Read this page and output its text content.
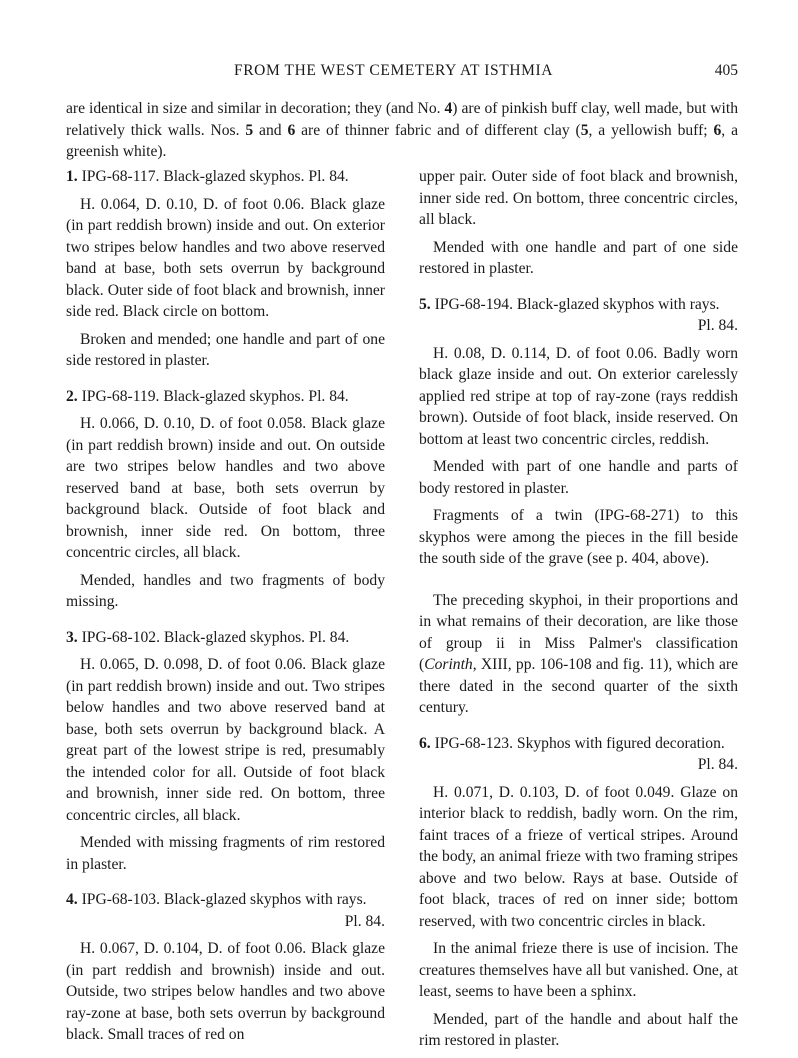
FROM THE WEST CEMETERY AT ISTHMIA	405
are identical in size and similar in decoration; they (and No. 4) are of pinkish buff clay, well made, but with relatively thick walls. Nos. 5 and 6 are of thinner fabric and of different clay (5, a yellowish buff; 6, a greenish white).
1. IPG-68-117. Black-glazed skyphos. Pl. 84.

H. 0.064, D. 0.10, D. of foot 0.06. Black glaze (in part reddish brown) inside and out. On exterior two stripes below handles and two above reserved band at base, both sets overrun by background black. Outer side of foot black and brownish, inner side red. Black circle on bottom.

Broken and mended; one handle and part of one side restored in plaster.

2. IPG-68-119. Black-glazed skyphos. Pl. 84.

H. 0.066, D. 0.10, D. of foot 0.058. Black glaze (in part reddish brown) inside and out. On outside are two stripes below handles and two above reserved band at base, both sets overrun by background black. Outside of foot black and brownish, inner side red. On bottom, three concentric circles, all black.

Mended, handles and two fragments of body missing.

3. IPG-68-102. Black-glazed skyphos. Pl. 84.

H. 0.065, D. 0.098, D. of foot 0.06. Black glaze (in part reddish brown) inside and out. Two stripes below handles and two above reserved band at base, both sets overrun by background black. A great part of the lowest stripe is red, presumably the intended color for all. Outside of foot black and brownish, inner side red. On bottom, three concentric circles, all black.

Mended with missing fragments of rim restored in plaster.

4. IPG-68-103. Black-glazed skyphos with rays.
Pl. 84.

H. 0.067, D. 0.104, D. of foot 0.06. Black glaze (in part reddish and brownish) inside and out. Outside, two stripes below handles and two above ray-zone at base, both sets overrun by background black. Small traces of red on

upper pair. Outer side of foot black and brownish, inner side red. On bottom, three concentric circles, all black.

Mended with one handle and part of one side restored in plaster.

5. IPG-68-194. Black-glazed skyphos with rays.
Pl. 84.

H. 0.08, D. 0.114, D. of foot 0.06. Badly worn black glaze inside and out. On exterior carelessly applied red stripe at top of ray-zone (rays reddish brown). Outside of foot black, inside reserved. On bottom at least two concentric circles, reddish.

Mended with part of one handle and parts of body restored in plaster.

Fragments of a twin (IPG-68-271) to this skyphos were among the pieces in the fill beside the south side of the grave (see p. 404, above).

The preceding skyphoi, in their proportions and in what remains of their decoration, are like those of group ii in Miss Palmer's classification (Corinth, XIII, pp. 106-108 and fig. 11), which are there dated in the second quarter of the sixth century.

6. IPG-68-123. Skyphos with figured decoration.
Pl. 84.

H. 0.071, D. 0.103, D. of foot 0.049. Glaze on interior black to reddish, badly worn. On the rim, faint traces of a frieze of vertical stripes. Around the body, an animal frieze with two framing stripes above and two below. Rays at base. Outside of foot black, traces of red on inner side; bottom reserved, with two concentric circles in black.

In the animal frieze there is use of incision. The creatures themselves have all but vanished. One, at least, seems to have been a sphinx.

Mended, part of the handle and about half the rim restored in plaster.
